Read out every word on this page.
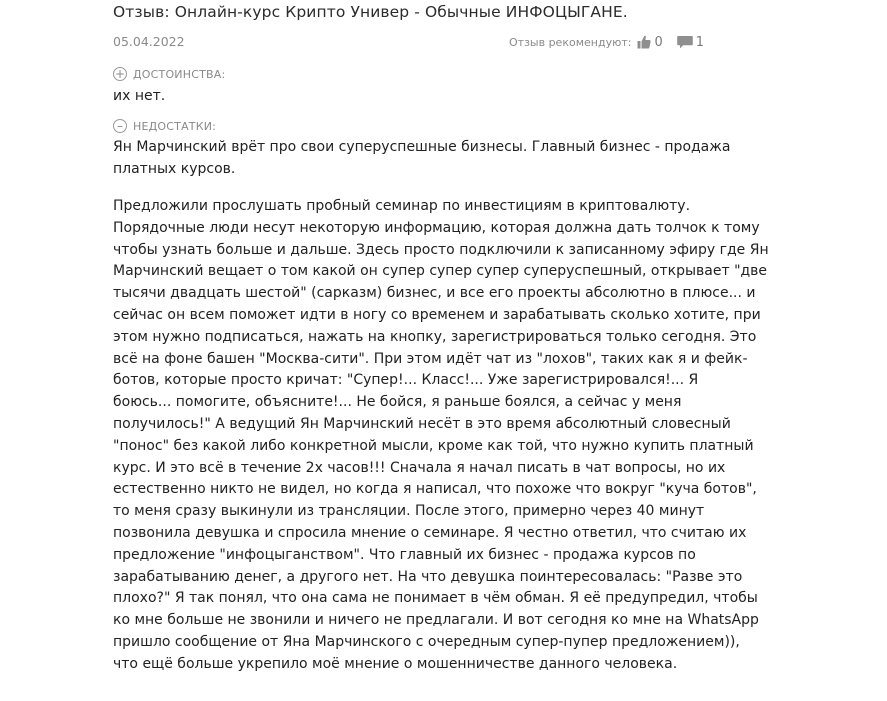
Отзыв: Онлайн-курс Крипто Универ - Обычные ИНФОЦЫГАНЕ.
05.04.2022	Отзыв рекомендуют: 0	1
+ ДОСТОИНСТВА:
их нет.
– НЕДОСТАТКИ:
Ян Марчинский врёт про свои суперуспешные бизнесы. Главный бизнес - продажа
платных курсов.
Предложили прослушать пробный семинар по инвестициям в криптовалюту.
Порядочные люди несут некоторую информацию, которая должна дать толчок к тому
чтобы узнать больше и дальше. Здесь просто подключили к записанному эфиру где Ян
Марчинский вещает о том какой он супер супер супер суперуспешный, открывает "две
тысячи двадцать шестой" (сарказм) бизнес, и все его проекты абсолютно в плюсе... и
сейчас он всем поможет идти в ногу со временем и зарабатывать сколько хотите, при
этом нужно подписаться, нажать на кнопку, зарегистрироваться только сегодня. Это
всё на фоне башен "Москва-сити". При этом идёт чат из "лохов", таких как я и фейк-
ботов, которые просто кричат: "Супер!... Класс!... Уже зарегистрировался!... Я
боюсь... помогите, объясните!... Не бойся, я раньше боялся, а сейчас у меня
получилось!" А ведущий Ян Марчинский несёт в это время абсолютный словесный
"понос" без какой либо конкретной мысли, кроме как той, что нужно купить платный
курс. И это всё в течение 2х часов!!! Сначала я начал писать в чат вопросы, но их
естественно никто не видел, но когда я написал, что похоже что вокруг "куча ботов",
то меня сразу выкинули из трансляции. После этого, примерно через 40 минут
позвонила девушка и спросила мнение о семинаре. Я честно ответил, что считаю их
предложение "инфоцыганством". Что главный их бизнес - продажа курсов по
зарабатыванию денег, а другого нет. На что девушка поинтересовалась: "Разве это
плохо?" Я так понял, что она сама не понимает в чём обман. Я её предупредил, чтобы
ко мне больше не звонили и ничего не предлагали. И вот сегодня ко мне на WhatsApp
пришло сообщение от Яна Марчинского с очередным супер-пупер предложением)),
что ещё больше укрепило моё мнение о мошенничестве данного человека.
